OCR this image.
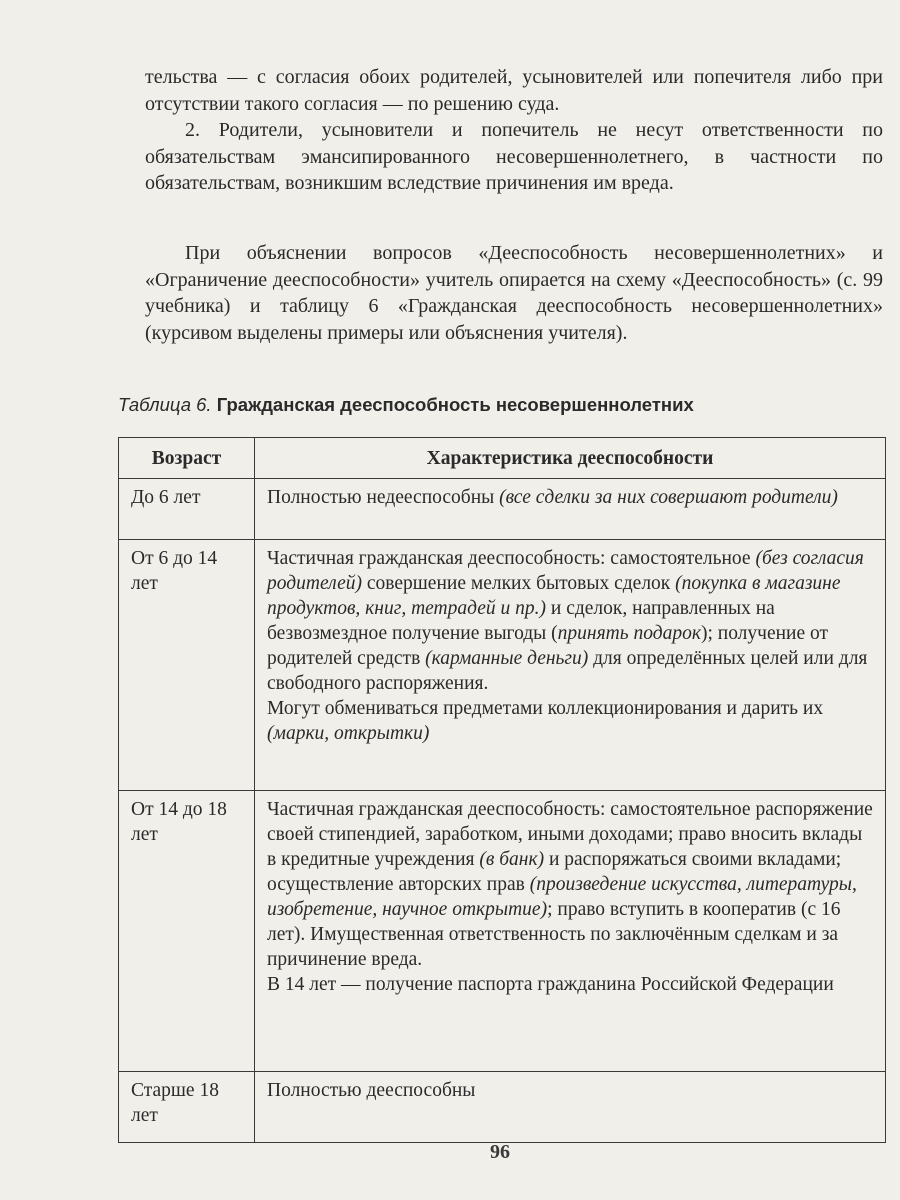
тельства — с согласия обоих родителей, усыновителей или попечителя либо при отсутствии такого согласия — по решению суда.

2. Родители, усыновители и попечитель не несут ответственности по обязательствам эмансипированного несовершеннолетнего, в частности по обязательствам, возникшим вследствие причинения им вреда.

При объяснении вопросов «Дееспособность несовершеннолетних» и «Ограничение дееспособности» учитель опирается на схему «Дееспособность» (с. 99 учебника) и таблицу 6 «Гражданская дееспособность несовершеннолетних» (курсивом выделены примеры или объяснения учителя).

Таблица 6. Гражданская дееспособность несовершеннолетних
Возраст	Характеристика дееспособности
До 6 лет	Полностью недееспособны (все сделки за них совершают родители)

От 6 до 14 лет	Частичная гражданская дееспособность: самостоятельное (без согласия родителей) совершение мелких бытовых сделок (покупка в магазине продуктов, книг, тетрадей и пр.) и сделок, направленных на безвозмездное получение выгоды (принять подарок); получение от родителей средств (карманные деньги) для определённых целей или для свободного распоряжения.
Могут обмениваться предметами коллекционирования и дарить их (марки, открытки)

От 14 до 18 лет	Частичная гражданская дееспособность: самостоятельное распоряжение своей стипендией, заработком, иными доходами; право вносить вклады в кредитные учреждения (в банк) и распоряжаться своими вкладами; осуществление авторских прав (произведение искусства, литературы, изобретение, научное открытие); право вступить в кооператив (с 16 лет). Имущественная ответственность по заключённым сделкам и за причинение вреда.
В 14 лет — получение паспорта гражданина Российской Федерации

Старше 18 лет	Полностью дееспособны
96
